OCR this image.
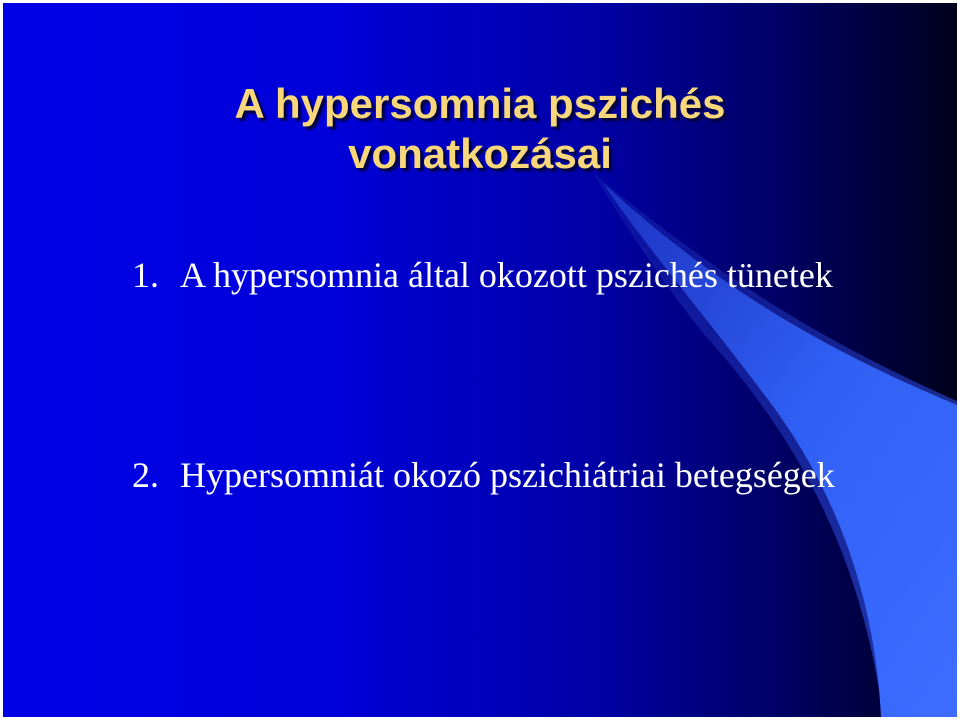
A hypersomnia pszichés
vonatkozásai
1. A hypersomnia által okozott pszichés tünetek
2. Hypersomniát okozó pszichiátriai betegségek
